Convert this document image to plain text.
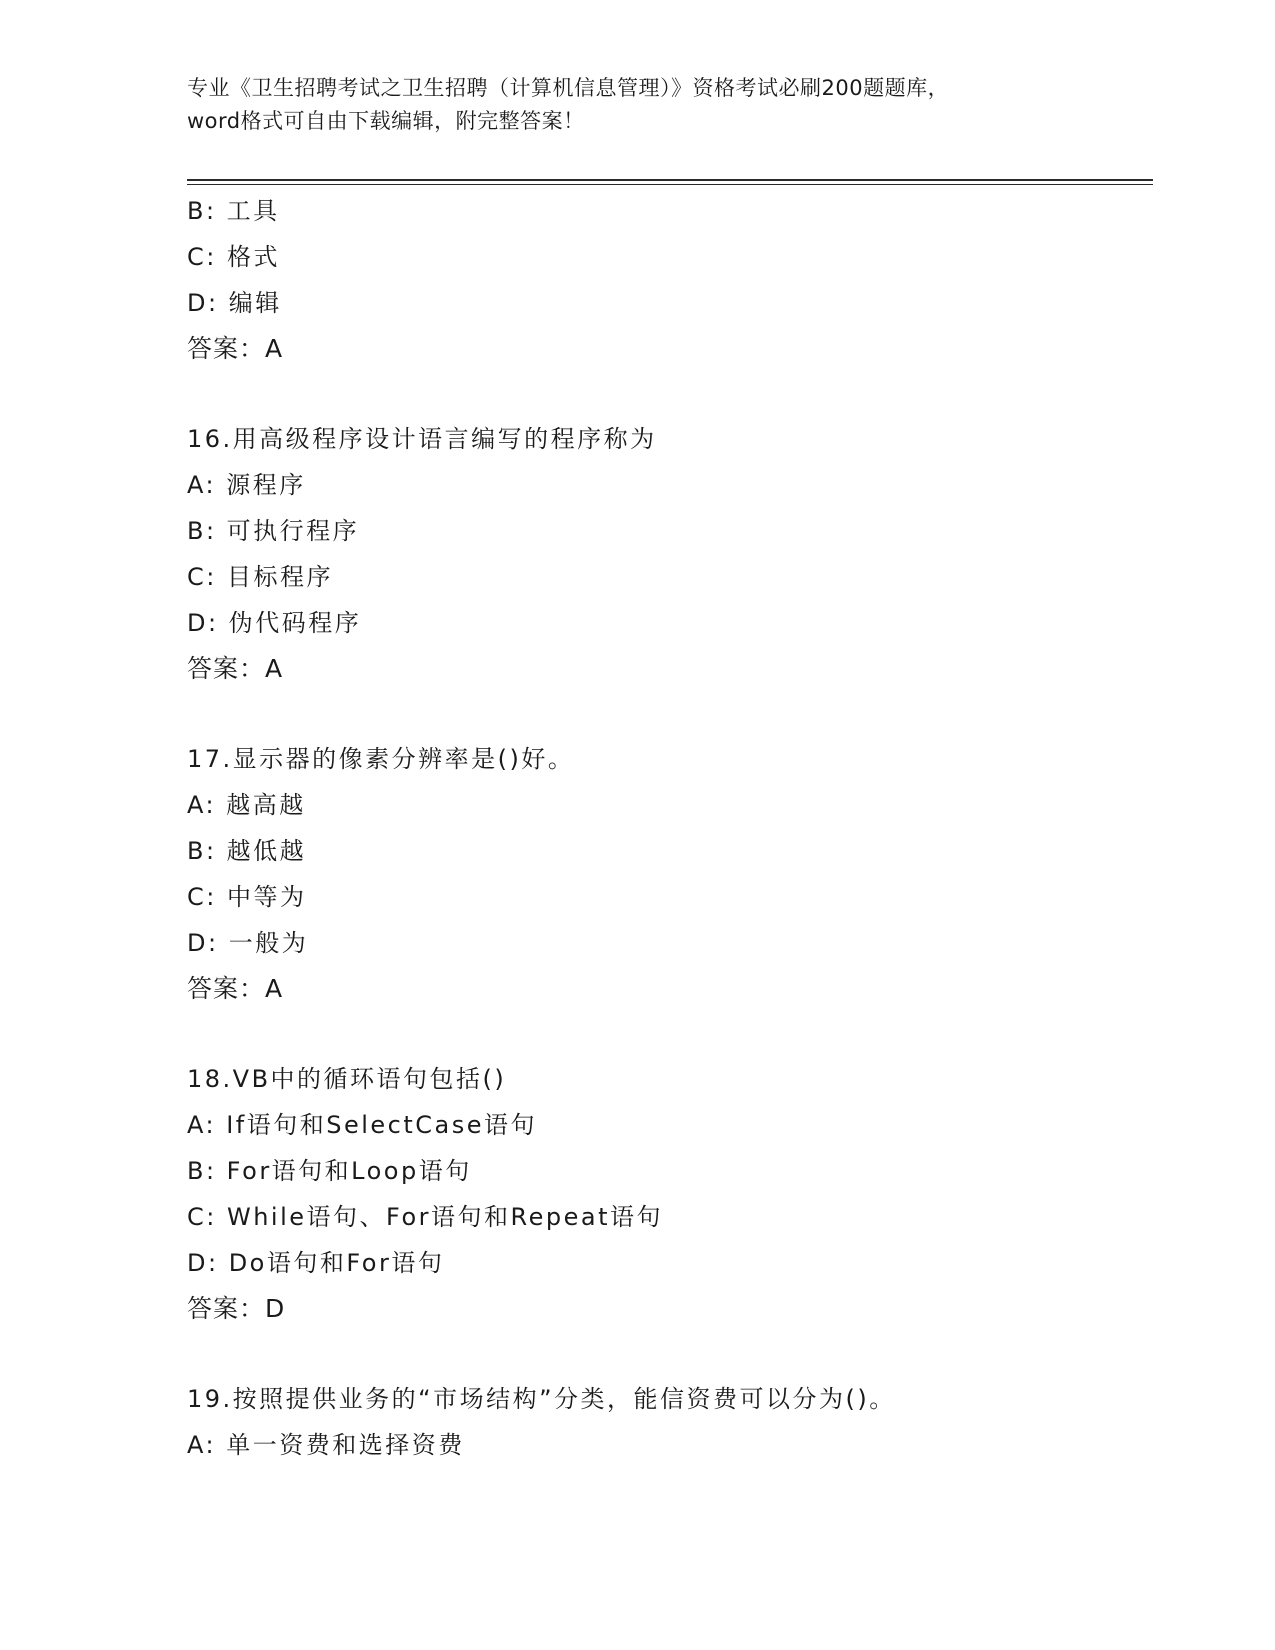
专业《卫生招聘考试之卫生招聘（计算机信息管理）》资格考试必刷200题题库，
word格式可自由下载编辑，附完整答案！
B: 工具
C: 格式
D: 编辑
答案：A
16.用高级程序设计语言编写的程序称为
A: 源程序
B: 可执行程序
C: 目标程序
D: 伪代码程序
答案：A
17.显示器的像素分辨率是()好。
A: 越高越
B: 越低越
C: 中等为
D: 一般为
答案：A
18.VB中的循环语句包括()
A: If语句和SelectCase语句
B: For语句和Loop语句
C: While语句、For语句和Repeat语句
D: Do语句和For语句
答案：D
19.按照提供业务的“市场结构”分类，能信资费可以分为()。
A: 单一资费和选择资费
